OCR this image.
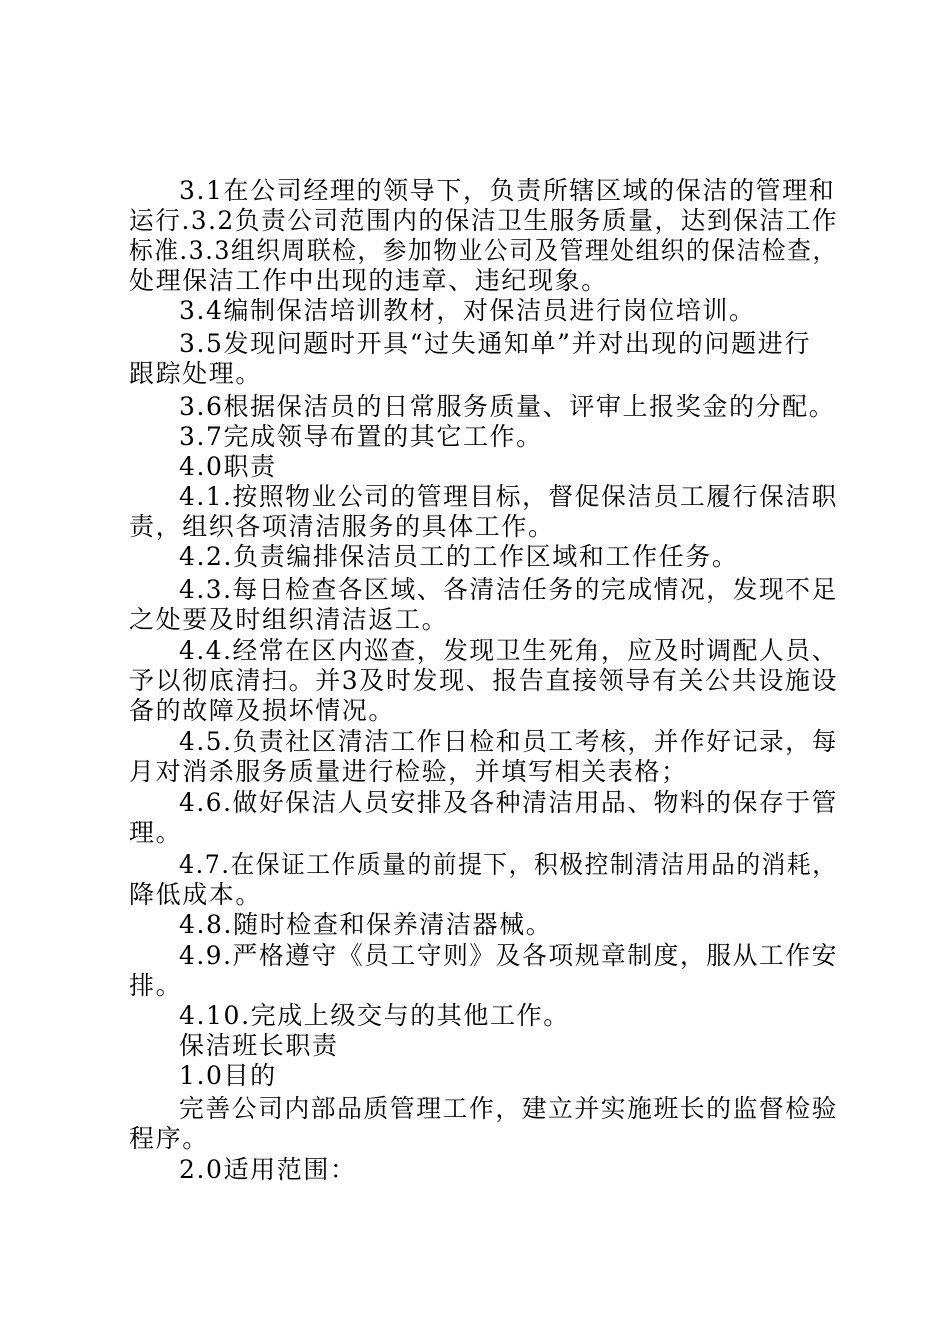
3.1在公司经理的领导下，负责所辖区域的保洁的管理和
运行.3.2负责公司范围内的保洁卫生服务质量，达到保洁工作
标准.3.3组织周联检，参加物业公司及管理处组织的保洁检查，
处理保洁工作中出现的违章、违纪现象。
3.4编制保洁培训教材，对保洁员进行岗位培训。
3.5发现问题时开具“过失通知单”并对出现的问题进行
跟踪处理。
3.6根据保洁员的日常服务质量、评审上报奖金的分配。
3.7完成领导布置的其它工作。
4.0职责
4.1.按照物业公司的管理目标，督促保洁员工履行保洁职
责，组织各项清洁服务的具体工作。
4.2.负责编排保洁员工的工作区域和工作任务。
4.3.每日检查各区域、各清洁任务的完成情况，发现不足
之处要及时组织清洁返工。
4.4.经常在区内巡查，发现卫生死角，应及时调配人员、
予以彻底清扫。并3及时发现、报告直接领导有关公共设施设
备的故障及损坏情况。
4.5.负责社区清洁工作日检和员工考核，并作好记录，每
月对消杀服务质量进行检验，并填写相关表格；
4.6.做好保洁人员安排及各种清洁用品、物料的保存于管
理。
4.7.在保证工作质量的前提下，积极控制清洁用品的消耗，
降低成本。
4.8.随时检查和保养清洁器械。
4.9.严格遵守《员工守则》及各项规章制度，服从工作安
排。
4.10.完成上级交与的其他工作。
保洁班长职责
1.0目的
完善公司内部品质管理工作，建立并实施班长的监督检验
程序。
2.0适用范围：
